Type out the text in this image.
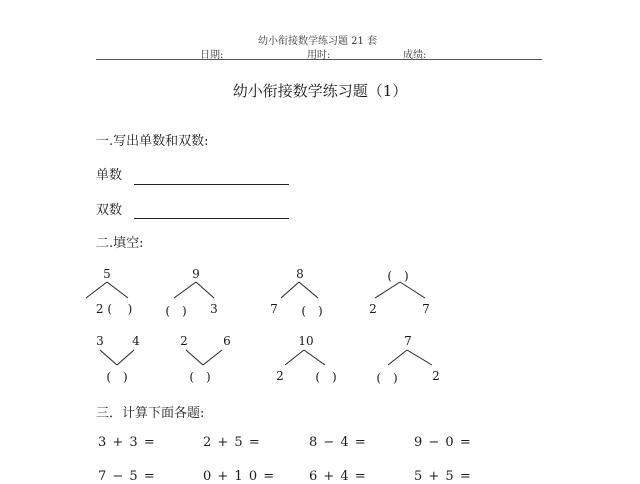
幼小衔接数学练习题 21 套
日期:	用时:	成绩:
幼小衔接数学练习题（1）
一.写出单数和双数:
单数
双数
二.填空:
5
2 ( )
9
(　) 3
8
7 (　)
(　)
2	7
3 4
(　)
2	6
(　)
10
2	(　)
7
(　)	2
三．计算下面各题:
3 + 3 =	2 + 5 =	8 − 4 =	9 − 0 =
7 − 5 =	0 + 1 0 =	6 + 4 =	5 + 5 =
